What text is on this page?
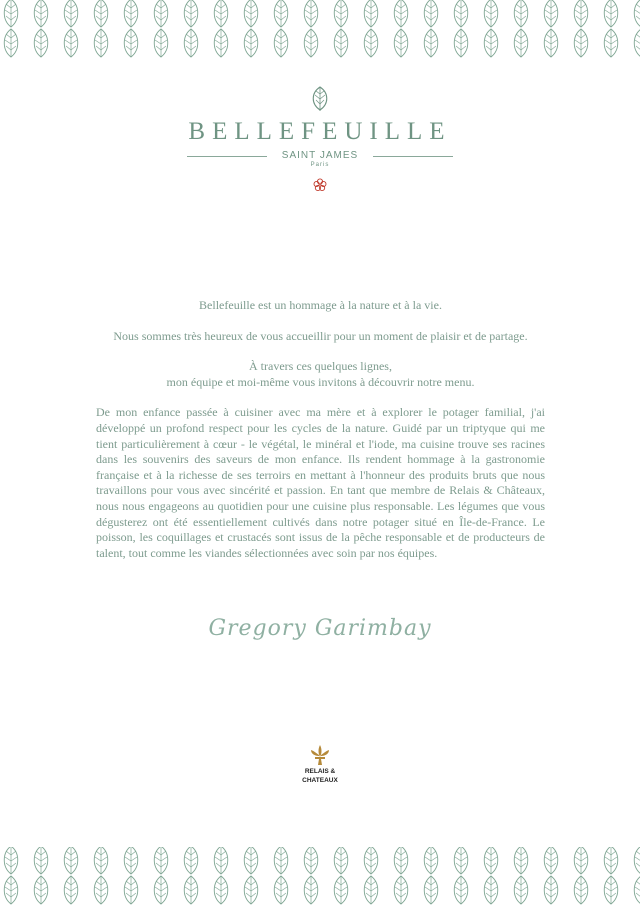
BELLEFEUILLE
SAINT JAMES
Paris

Bellefeuille est un hommage à la nature et à la vie.

Nous sommes très heureux de vous accueillir pour un moment de plaisir et de partage.

À travers ces quelques lignes,

mon équipe et moi-même vous invitons à découvrir notre menu.

De mon enfance passée à cuisiner avec ma mère et à explorer le potager familial, j'ai développé un profond respect pour les cycles de la nature. Guidé par un triptyque qui me tient particulièrement à cœur - le végétal, le minéral et l'iode, ma cuisine trouve ses racines dans les souvenirs des saveurs de mon enfance. Ils rendent hommage à la gastronomie française et à la richesse de ses terroirs en mettant à l'honneur des produits bruts que nous travaillons pour vous avec sincérité et passion. En tant que membre de Relais & Châteaux, nous nous engageons au quotidien pour une cuisine plus responsable. Les légumes que vous dégusterez ont été essentiellement cultivés dans notre potager situé en Île-de-France. Le poisson, les coquillages et crustacés sont issus de la pêche responsable et de producteurs de talent, tout comme les viandes sélectionnées avec soin par nos équipes.

Gregory Garimbay
RELAIS &
CHATEAUX
